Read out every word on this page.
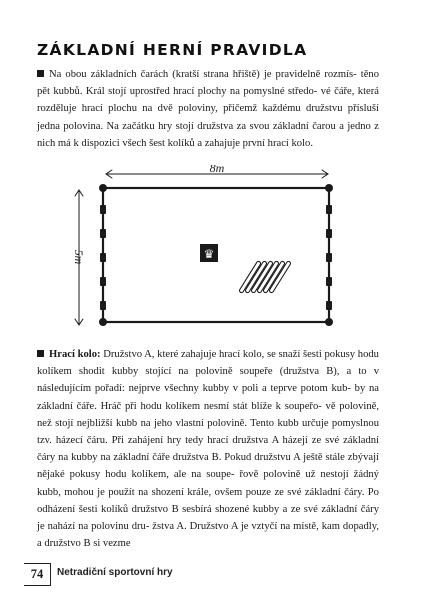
ZÁKLADNÍ HERNÍ PRAVIDLA
Na obou základních čarách (kratší strana hřiště) je pravidelně rozmís- těno pět kubbů. Král stojí uprostřed hrací plochy na pomyslné středo- vé čáře, která rozděluje hrací plochu na dvě poloviny, přičemž každému družstvu přísluší jedna polovina. Na začátku hry stojí družstva za svou základní čarou a jedno z nich má k dispozici všech šest kolíků a zahajuje první hrací kolo.
♛
8m
5m
Hrací kolo: Družstvo A, které zahajuje hrací kolo, se snaží šesti pokusy hodu kolíkem shodit kubby stojící na polovině soupeře (družstva B), a to v následujícím pořadí: nejprve všechny kubby v poli a teprve potom kub- by na základní čáře. Hráč při hodu kolíkem nesmí stát blíže k soupeřo- vě polovině, než stojí nejbližší kubb na jeho vlastní polovině. Tento kubb určuje pomyslnou tzv. házecí čáru. Při zahájení hry tedy hrací družstva A házejí ze své základní čáry na kubby na základní čáře družstva B. Pokud družstvu A ještě stále zbývají nějaké pokusy hodu kolíkem, ale na soupe- řově polovině už nestojí žádný kubb, mohou je použít na shození krále, ovšem pouze ze své základní čáry. Po odházení šesti kolíků družstvo B sesbírá shozené kubby a ze své základní čáry je nahází na polovinu dru- žstva A. Družstvo A je vztyčí na místě, kam dopadly, a družstvo B si vezme
74	Netradiční sportovní hry
